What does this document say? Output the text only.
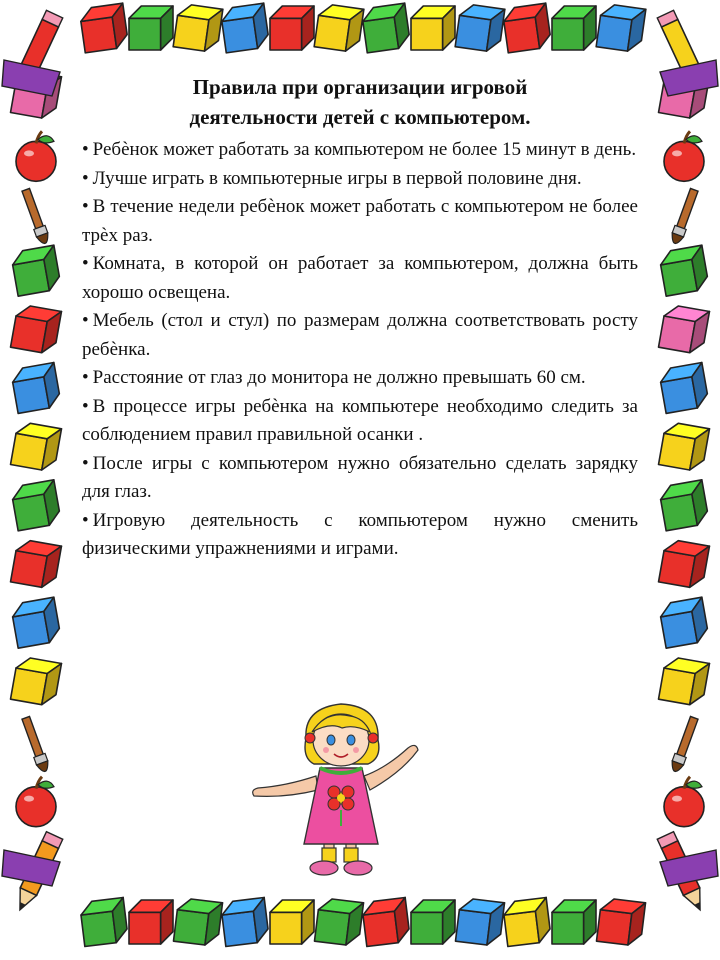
Правила при организации игровой
деятельности детей с компьютером.
• Ребѐнок может работать за компьютером не более 15 минут в день.
• Лучше играть в компьютерные игры в первой половине дня.
• В течение недели ребѐнок может работать с компьютером не более трѐх раз.
• Комната, в которой он работает за компьютером, должна быть хорошо освещена.
• Мебель (стол и стул) по размерам должна соответствовать росту ребѐнка.
• Расстояние от глаз до монитора не должно превышать 60 см.
• В процессе игры ребѐнка на компьютере необходимо следить за соблюдением правил правильной осанки .
• После игры с компьютером нужно обязательно сделать зарядку для глаз.
• Игровую деятельность с компьютером нужно сменить физическими упражнениями и играми.
